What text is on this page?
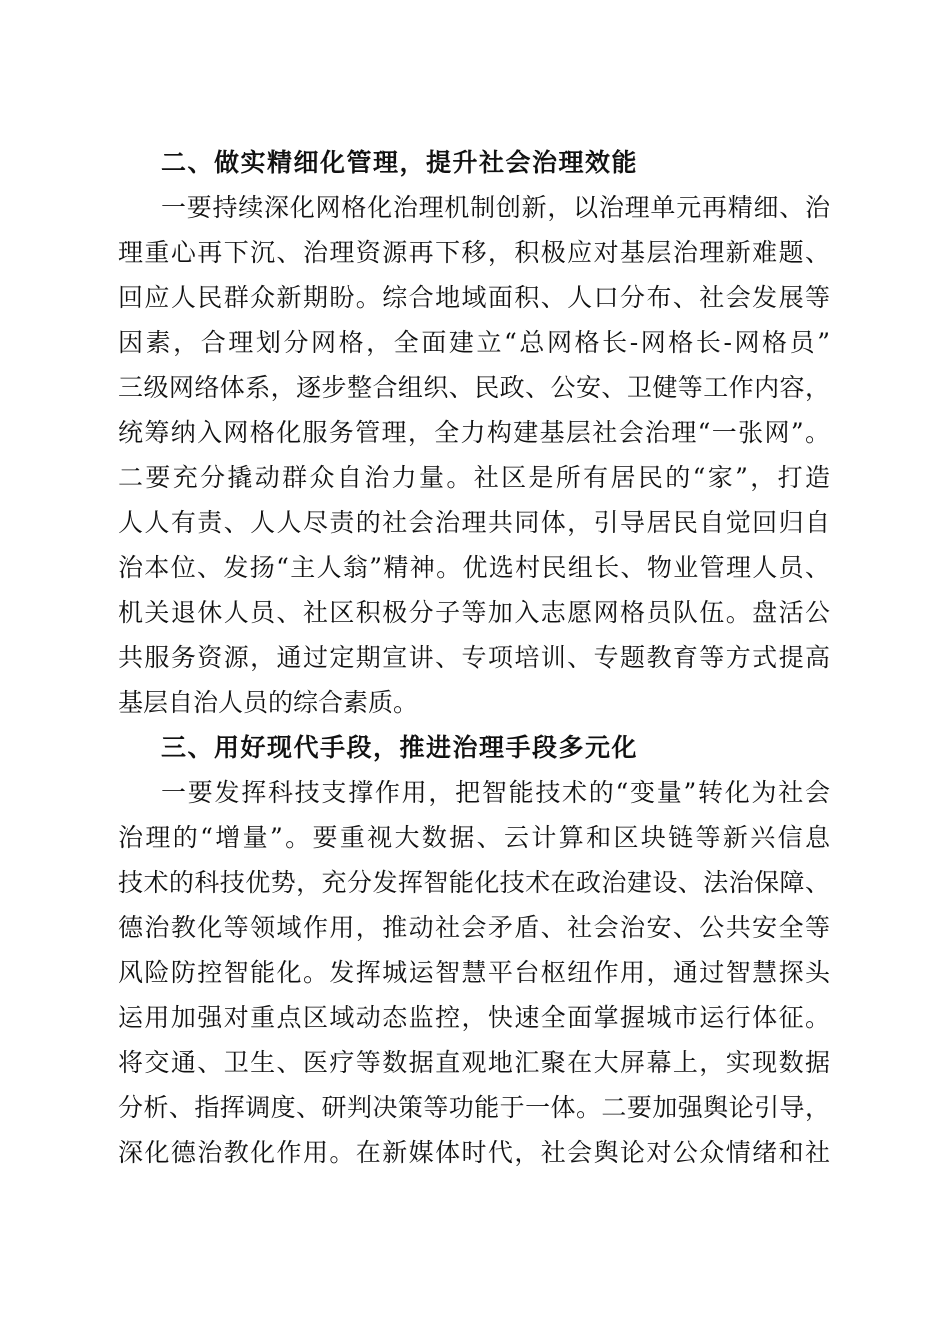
二、做实精细化管理，提升社会治理效能
一要持续深化网格化治理机制创新，以治理单元再精细、治
理重心再下沉、治理资源再下移，积极应对基层治理新难题、
回应人民群众新期盼。综合地域面积、人口分布、社会发展等
因素，合理划分网格，全面建立“总网格长-网格长-网格员”
三级网络体系，逐步整合组织、民政、公安、卫健等工作内容，
统筹纳入网格化服务管理，全力构建基层社会治理“一张网”。
二要充分撬动群众自治力量。社区是所有居民的“家”，打造
人人有责、人人尽责的社会治理共同体，引导居民自觉回归自
治本位、发扬“主人翁”精神。优选村民组长、物业管理人员、
机关退休人员、社区积极分子等加入志愿网格员队伍。盘活公
共服务资源，通过定期宣讲、专项培训、专题教育等方式提高
基层自治人员的综合素质。
三、用好现代手段，推进治理手段多元化
一要发挥科技支撑作用，把智能技术的“变量”转化为社会
治理的“增量”。要重视大数据、云计算和区块链等新兴信息
技术的科技优势，充分发挥智能化技术在政治建设、法治保障、
德治教化等领域作用，推动社会矛盾、社会治安、公共安全等
风险防控智能化。发挥城运智慧平台枢纽作用，通过智慧探头
运用加强对重点区域动态监控，快速全面掌握城市运行体征。
将交通、卫生、医疗等数据直观地汇聚在大屏幕上，实现数据
分析、指挥调度、研判决策等功能于一体。二要加强舆论引导，
深化德治教化作用。在新媒体时代，社会舆论对公众情绪和社
